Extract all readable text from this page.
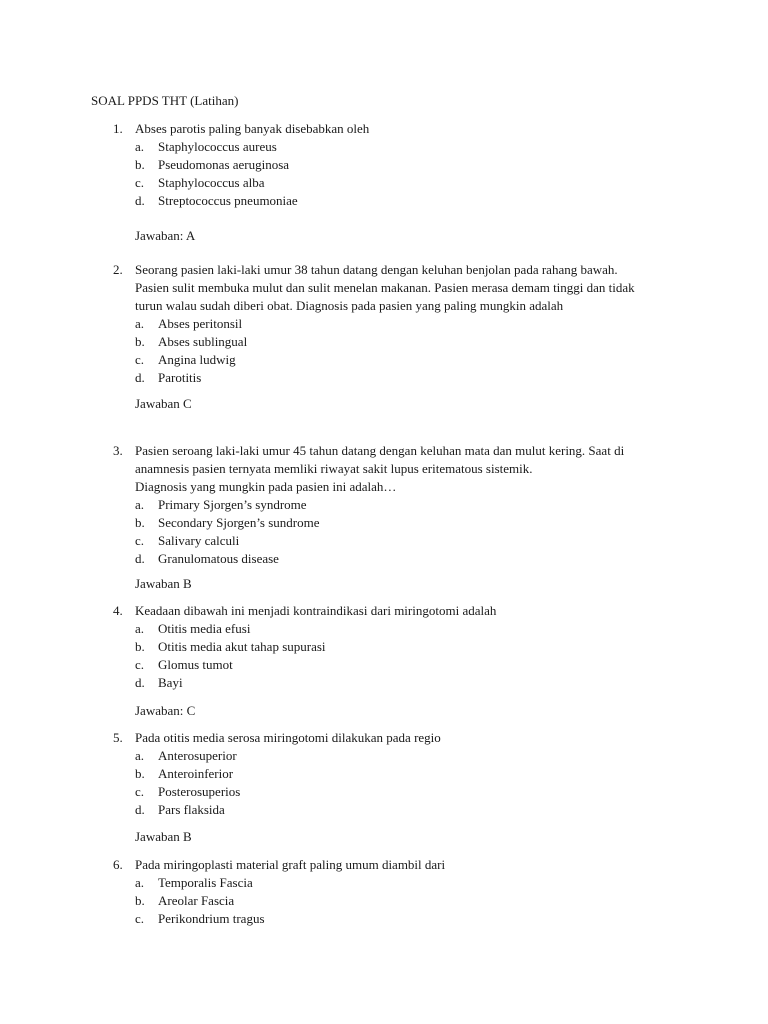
SOAL PPDS THT (Latihan)
1. Abses parotis paling banyak disebabkan oleh
a. Staphylococcus aureus
b. Pseudomonas aeruginosa
c. Staphylococcus alba
d. Streptococcus pneumoniae
Jawaban: A
2. Seorang pasien laki-laki umur 38 tahun datang dengan keluhan benjolan pada rahang bawah.
Pasien sulit membuka mulut dan sulit menelan makanan. Pasien merasa demam tinggi dan tidak
turun walau sudah diberi obat. Diagnosis pada pasien yang paling mungkin adalah
a. Abses peritonsil
b. Abses sublingual
c. Angina ludwig
d. Parotitis
Jawaban C
3. Pasien seroang laki-laki umur 45 tahun datang dengan keluhan mata dan mulut kering. Saat di
anamnesis pasien ternyata memliki riwayat sakit lupus eritematous sistemik.
Diagnosis yang mungkin pada pasien ini adalah…
a. Primary Sjorgen’s syndrome
b. Secondary Sjorgen’s sundrome
c. Salivary calculi
d. Granulomatous disease
Jawaban B
4. Keadaan dibawah ini menjadi kontraindikasi dari miringotomi adalah
a. Otitis media efusi
b. Otitis media akut tahap supurasi
c. Glomus tumot
d. Bayi
Jawaban: C
5. Pada otitis media serosa miringotomi dilakukan pada regio
a. Anterosuperior
b. Anteroinferior
c. Posterosuperios
d. Pars flaksida
Jawaban B
6. Pada miringoplasti material graft paling umum diambil dari
a. Temporalis Fascia
b. Areolar Fascia
c. Perikondrium tragus
